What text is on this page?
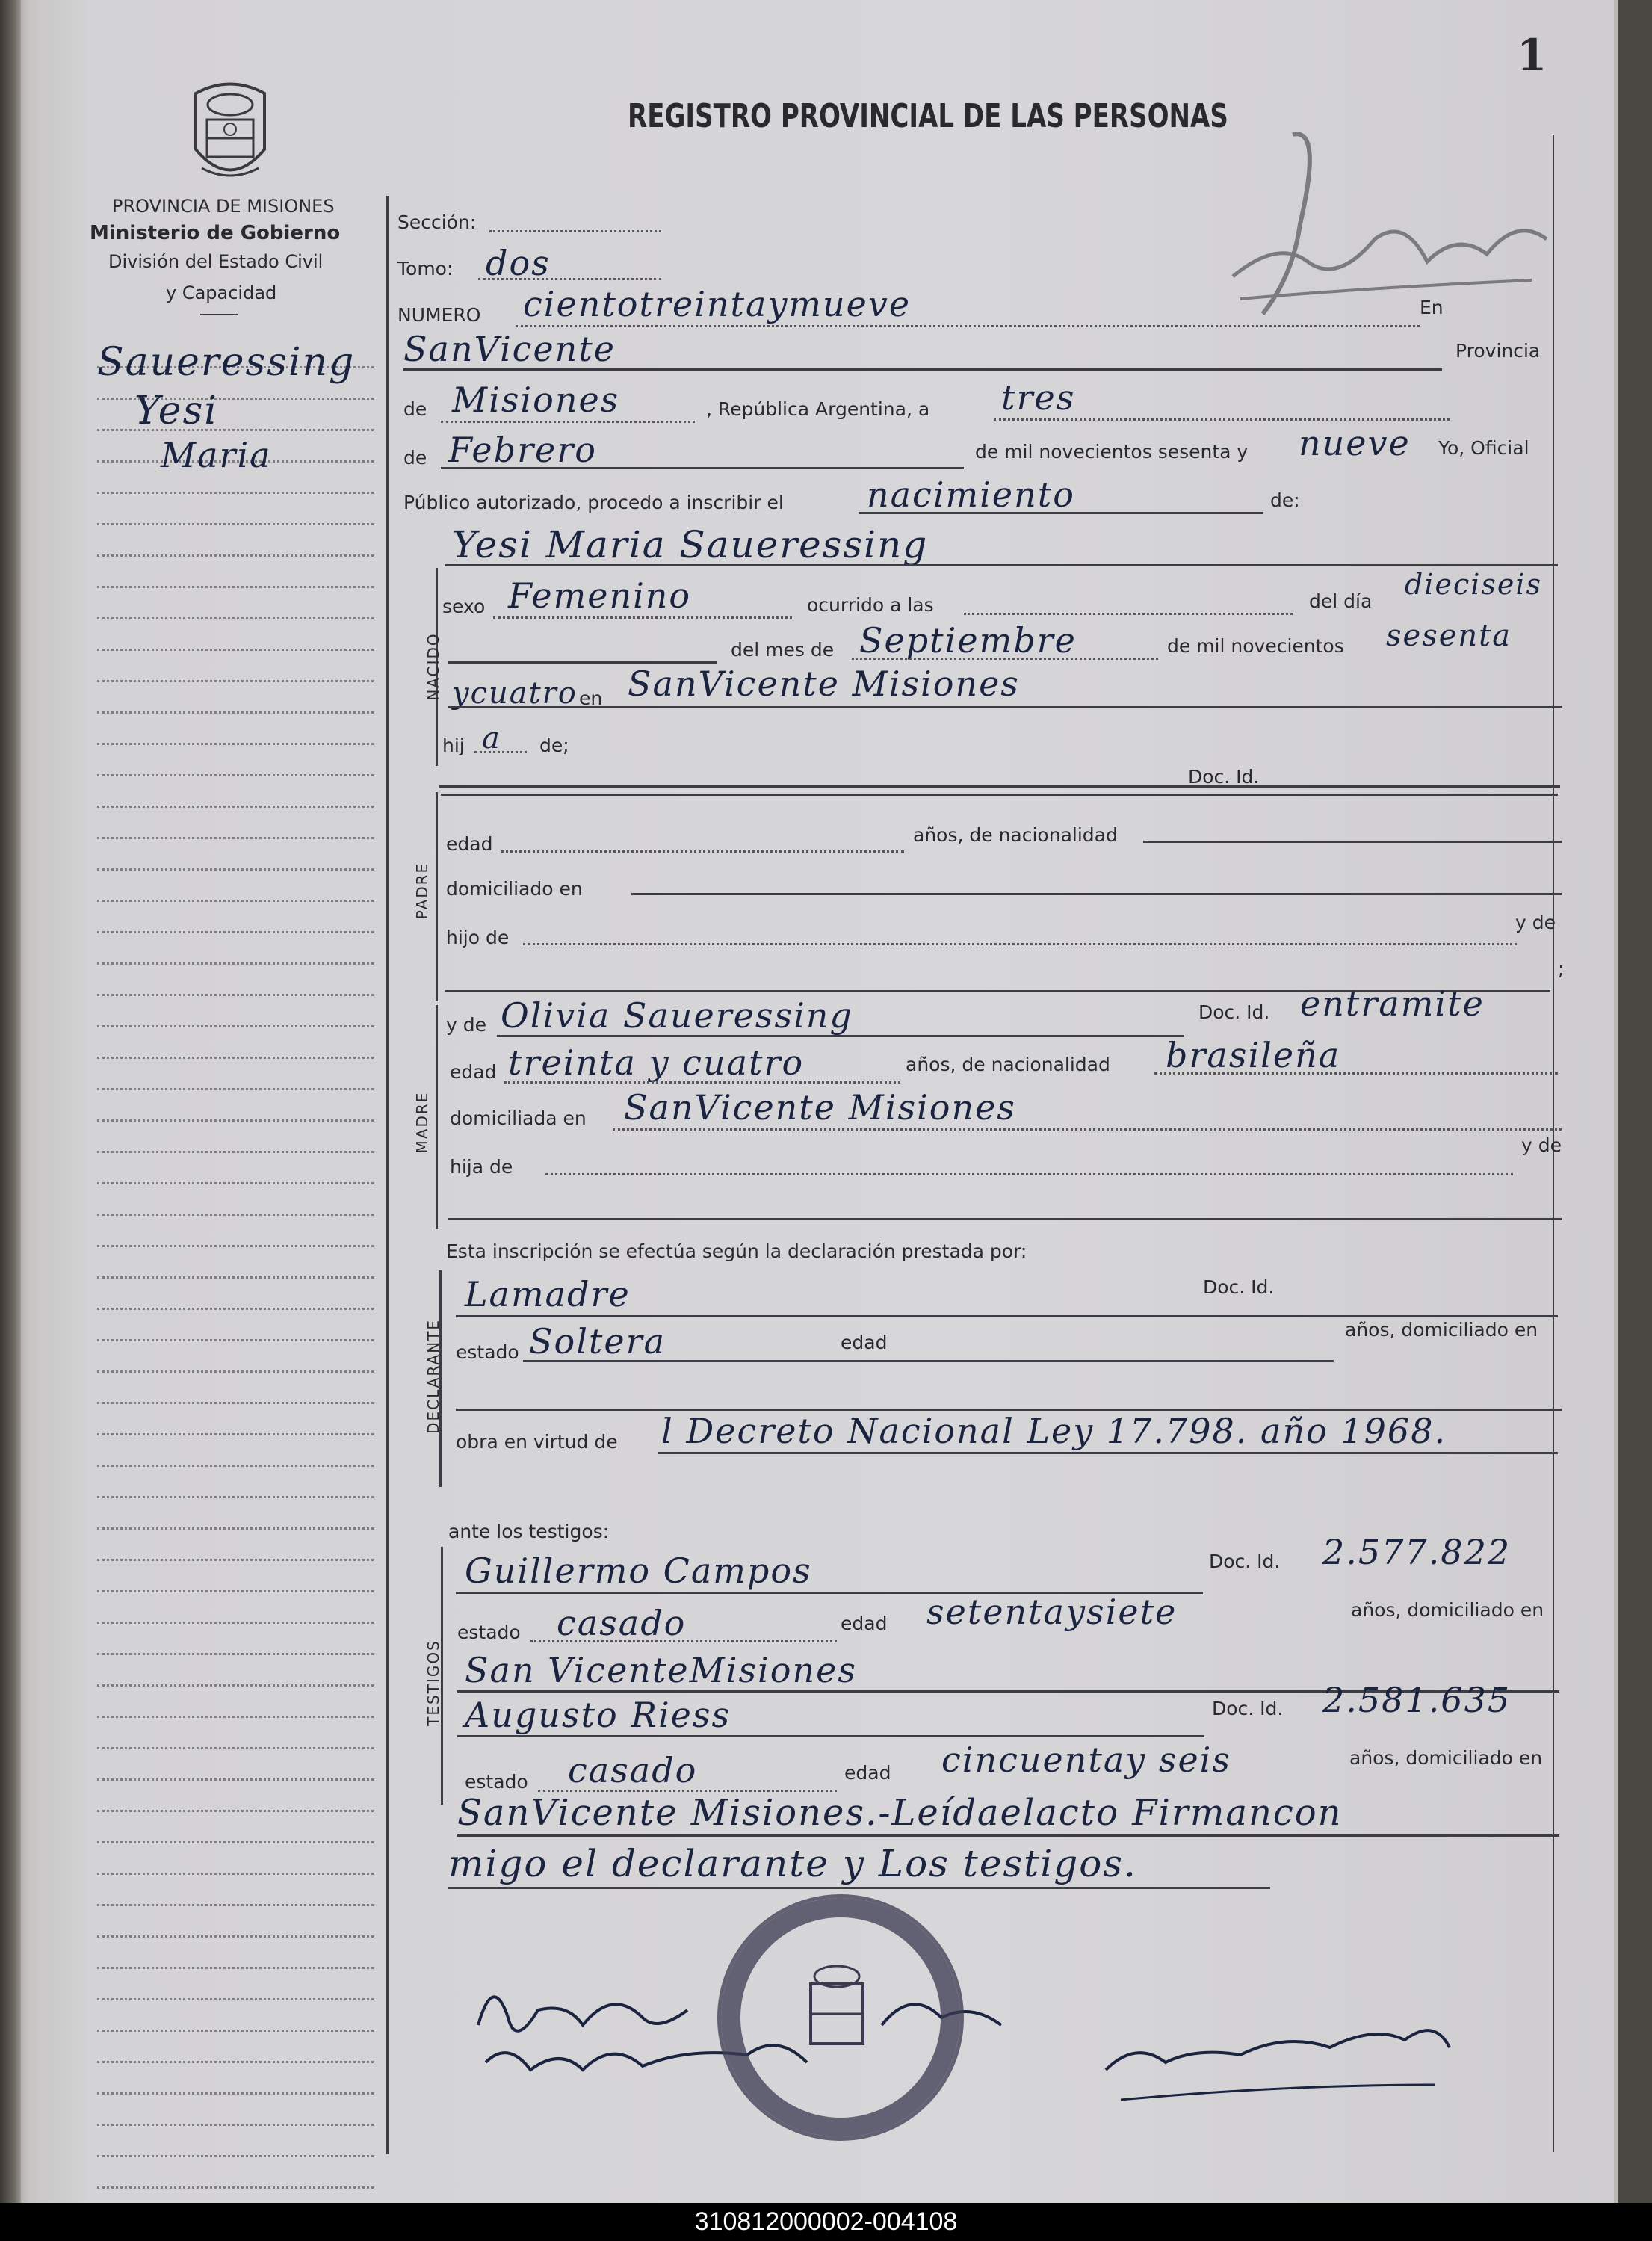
1
REGISTRO PROVINCIAL DE LAS PERSONAS
PROVINCIA DE MISIONES
Ministerio de Gobierno
División del Estado Civil
y Capacidad
Saueressing
Yesi
Maria
Sección:
Tomo: dos
NUMERO cientotreintaymueve	En
SanVicente	Provincia
de Misiones	, República Argentina, a tres
de Febrero	de mil novecientos sesenta y nueve Yo, Oficial
Público autorizado, procedo a inscribir el nacimiento	de:
NACIDO
Yesi Maria Saueressing
sexo Femenino	ocurrido a las	del día
dieciseis
del mes de Septiembre	de mil novecientos sesenta
ycuatro en SanVicente Misiones
hij a de;
Doc. Id.
PADRE
edad	años, de nacionalidad
domiciliado en
hijo de
y de
;
MADRE
y de Olivia Saueressing	Doc. Id. entramite
edad treinta y cuatro	años, de nacionalidad brasileña
domiciliada en SanVicente Misiones
hija de
y de
Esta inscripción se efectúa según la declaración prestada por:
DECLARANTE
Lamadre	Doc. Id.
estado Soltera	edad
años, domiciliado en
obra en virtud de l Decreto Nacional Ley 17.798. año 1968.
ante los testigos:
TESTIGOS
Guillermo Campos	Doc. Id. 2.577.822
estado casado	edad setentaysiete	años, domiciliado en
San VicenteMisiones
Augusto Riess	Doc. Id. 2.581.635
estado casado	edad cincuentay seis	años, domiciliado en
SanVicente Misiones.-Leídaelacto Firmancon
migo el declarante y Los testigos.
310812000002-004108
